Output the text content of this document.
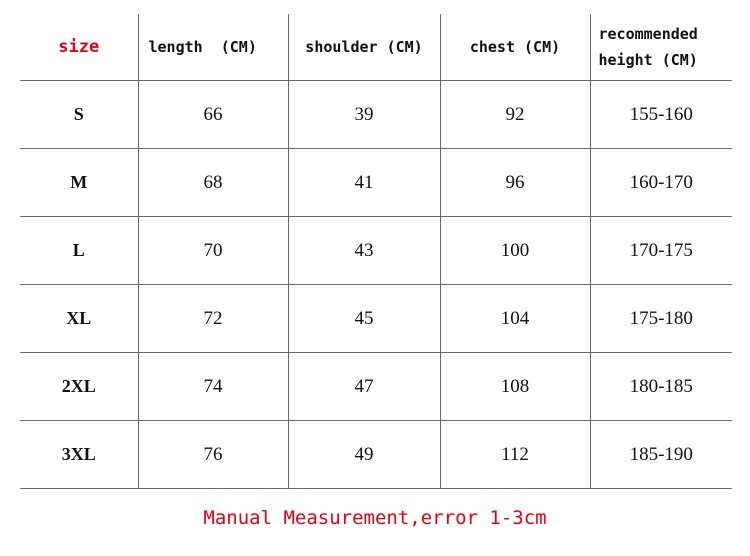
size	length  (CM)	shoulder (CM)	chest (CM)	recommended
height (CM)

S	66	39	92	155-160
M	68	41	96	160-170
L	70	43	100	170-175
XL	72	45	104	175-180
2XL	74	47	108	180-185
3XL	76	49	112	185-190
Manual Measurement,error 1-3cm
